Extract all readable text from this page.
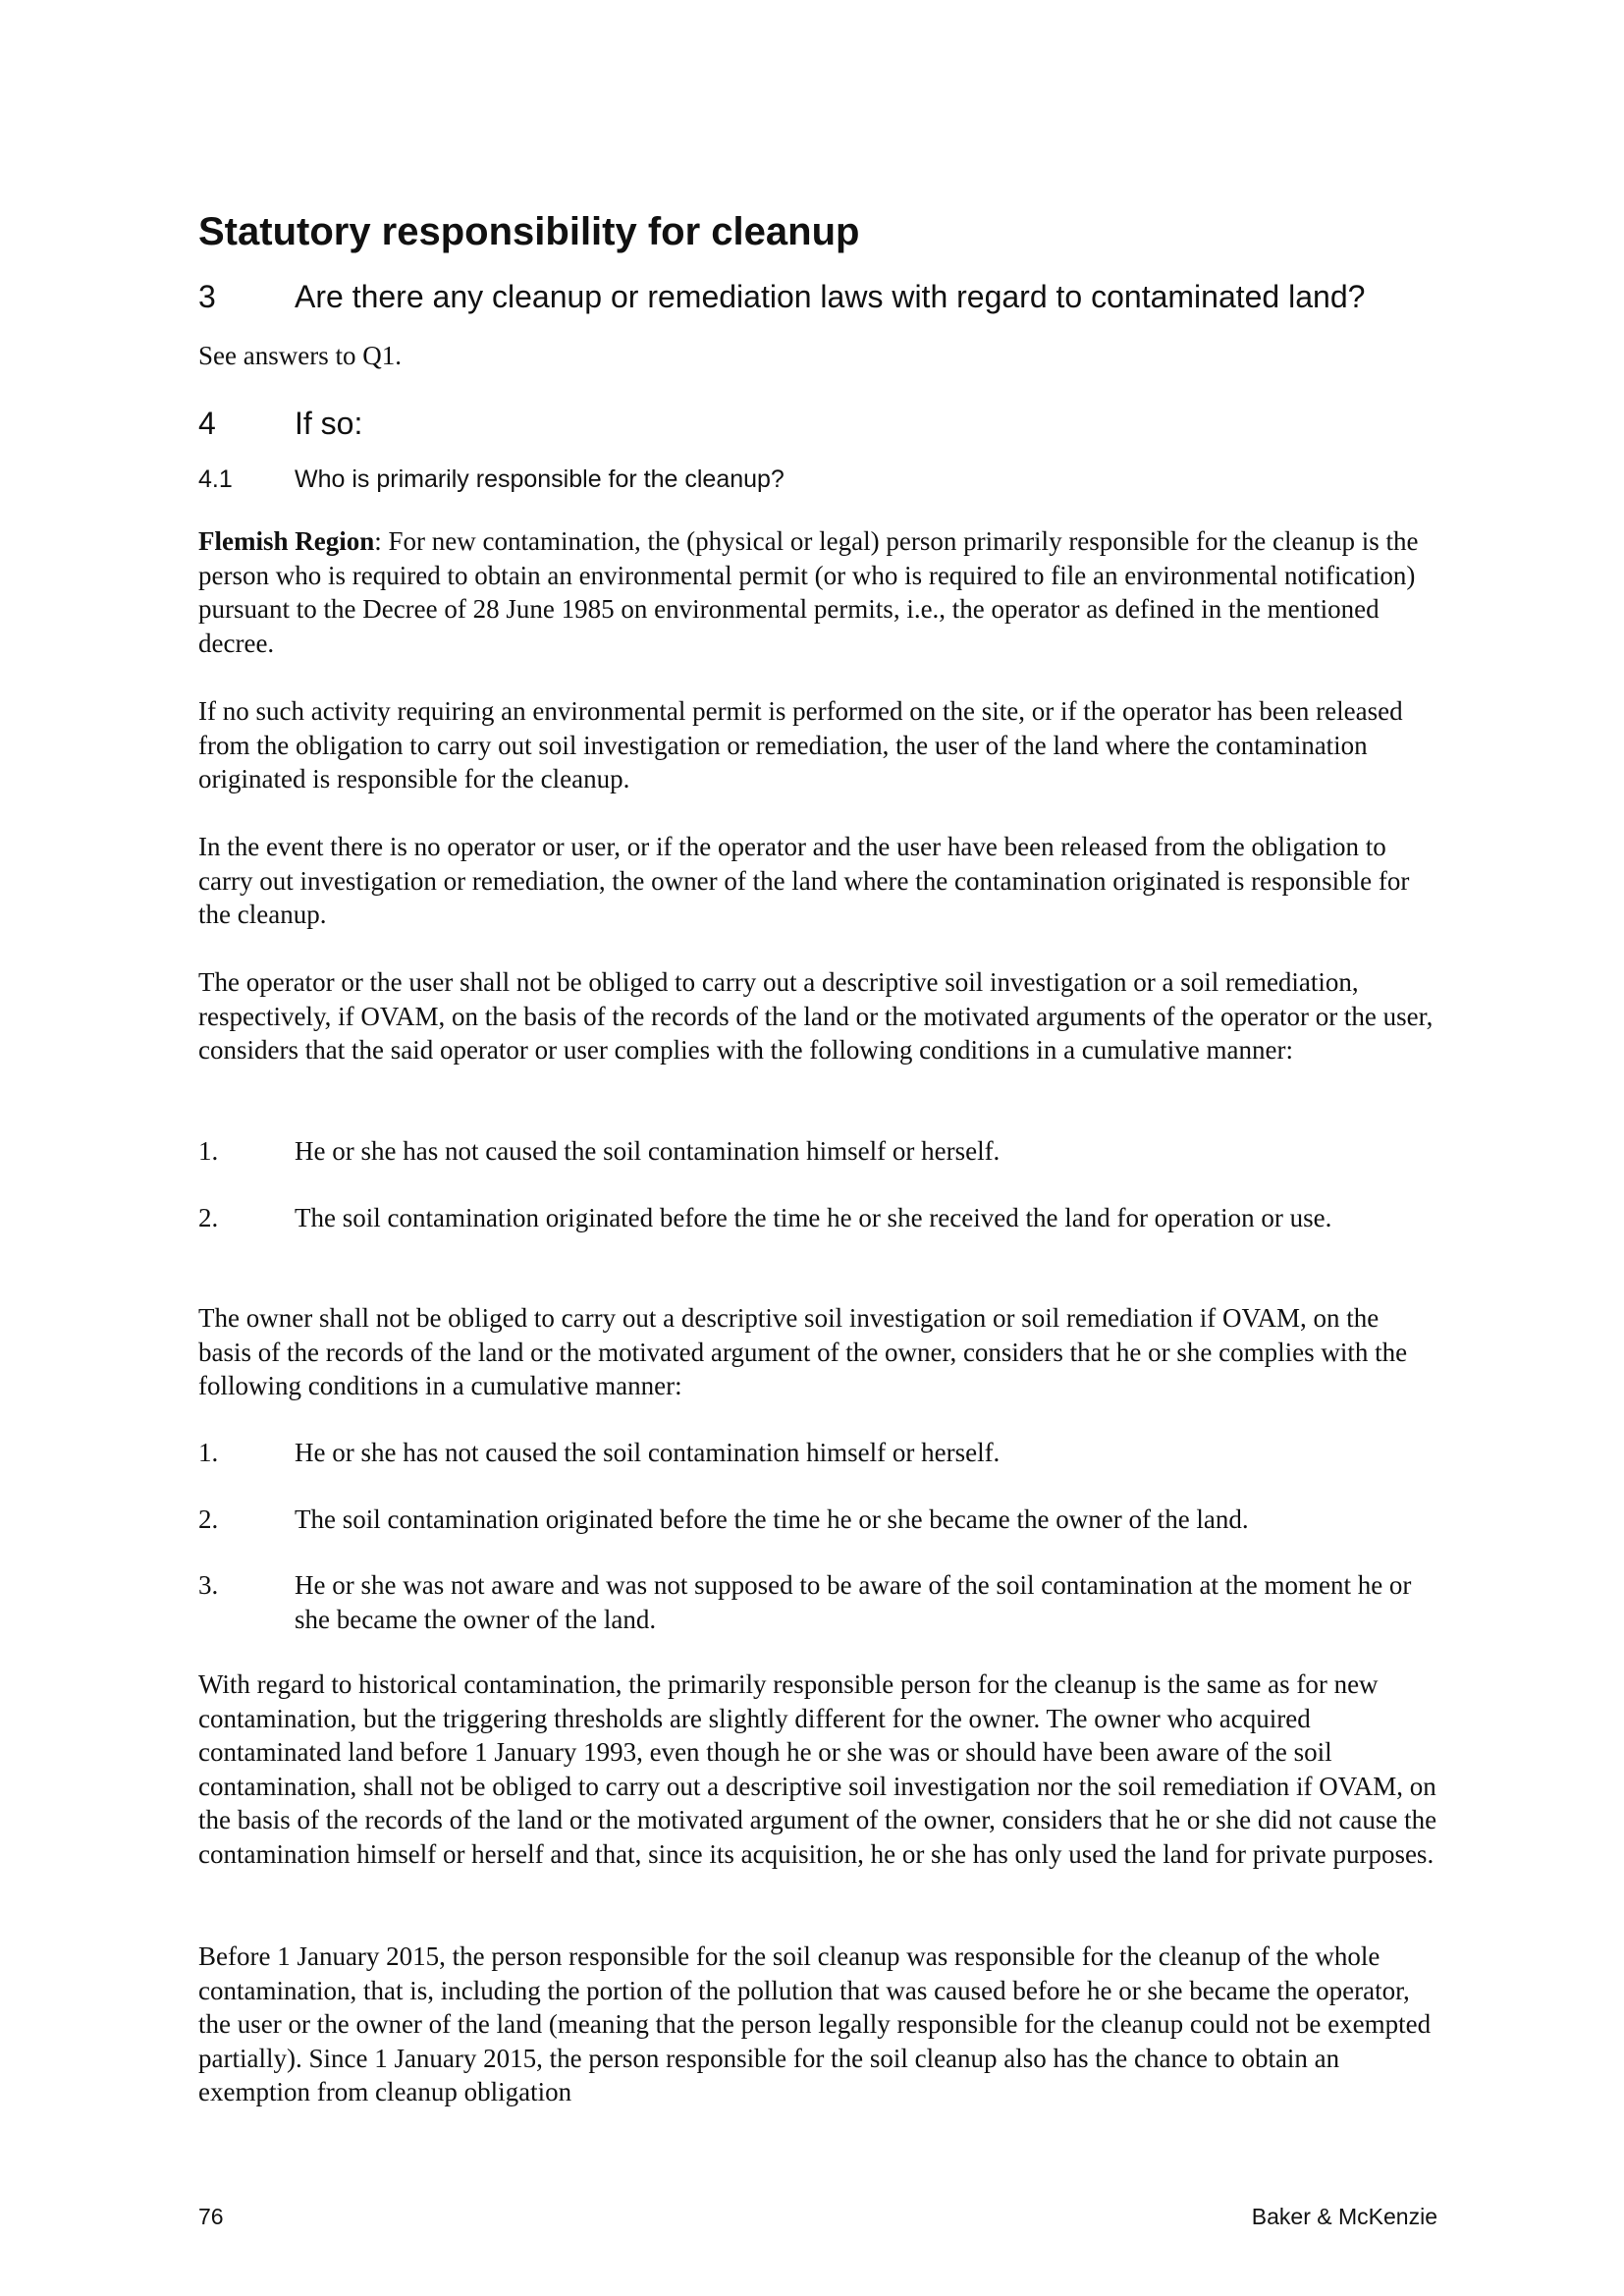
Statutory responsibility for cleanup
3	Are there any cleanup or remediation laws with regard to contaminated land?

See answers to Q1.

4	If so:
4.1	Who is primarily responsible for the cleanup?

Flemish Region: For new contamination, the (physical or legal) person primarily responsible for the cleanup is the person who is required to obtain an environmental permit (or who is required to file an environmental notification) pursuant to the Decree of 28 June 1985 on environmental permits, i.e., the operator as defined in the mentioned decree.

If no such activity requiring an environmental permit is performed on the site, or if the operator has been released from the obligation to carry out soil investigation or remediation, the user of the land where the contamination originated is responsible for the cleanup.

In the event there is no operator or user, or if the operator and the user have been released from the obligation to carry out investigation or remediation, the owner of the land where the contamination originated is responsible for the cleanup.

The operator or the user shall not be obliged to carry out a descriptive soil investigation or a soil remediation, respectively, if OVAM, on the basis of the records of the land or the motivated arguments of the operator or the user, considers that the said operator or user complies with the following conditions in a cumulative manner:

1.	He or she has not caused the soil contamination himself or herself.
2.	The soil contamination originated before the time he or she received the land for operation or use.

The owner shall not be obliged to carry out a descriptive soil investigation or soil remediation if OVAM, on the basis of the records of the land or the motivated argument of the owner, considers that he or she complies with the following conditions in a cumulative manner:

1.	He or she has not caused the soil contamination himself or herself.
2.	The soil contamination originated before the time he or she became the owner of the land.
3.	He or she was not aware and was not supposed to be aware of the soil contamination at the moment he or she became the owner of the land.

With regard to historical contamination, the primarily responsible person for the cleanup is the same as for new contamination, but the triggering thresholds are slightly different for the owner. The owner who acquired contaminated land before 1 January 1993, even though he or she was or should have been aware of the soil contamination, shall not be obliged to carry out a descriptive soil investigation nor the soil remediation if OVAM, on the basis of the records of the land or the motivated argument of the owner, considers that he or she did not cause the contamination himself or herself and that, since its acquisition, he or she has only used the land for private purposes.

Before 1 January 2015, the person responsible for the soil cleanup was responsible for the cleanup of the whole contamination, that is, including the portion of the pollution that was caused before he or she became the operator, the user or the owner of the land (meaning that the person legally responsible for the cleanup could not be exempted partially). Since 1 January 2015, the person responsible for the soil cleanup also has the chance to obtain an exemption from cleanup obligation

76	Baker & McKenzie
